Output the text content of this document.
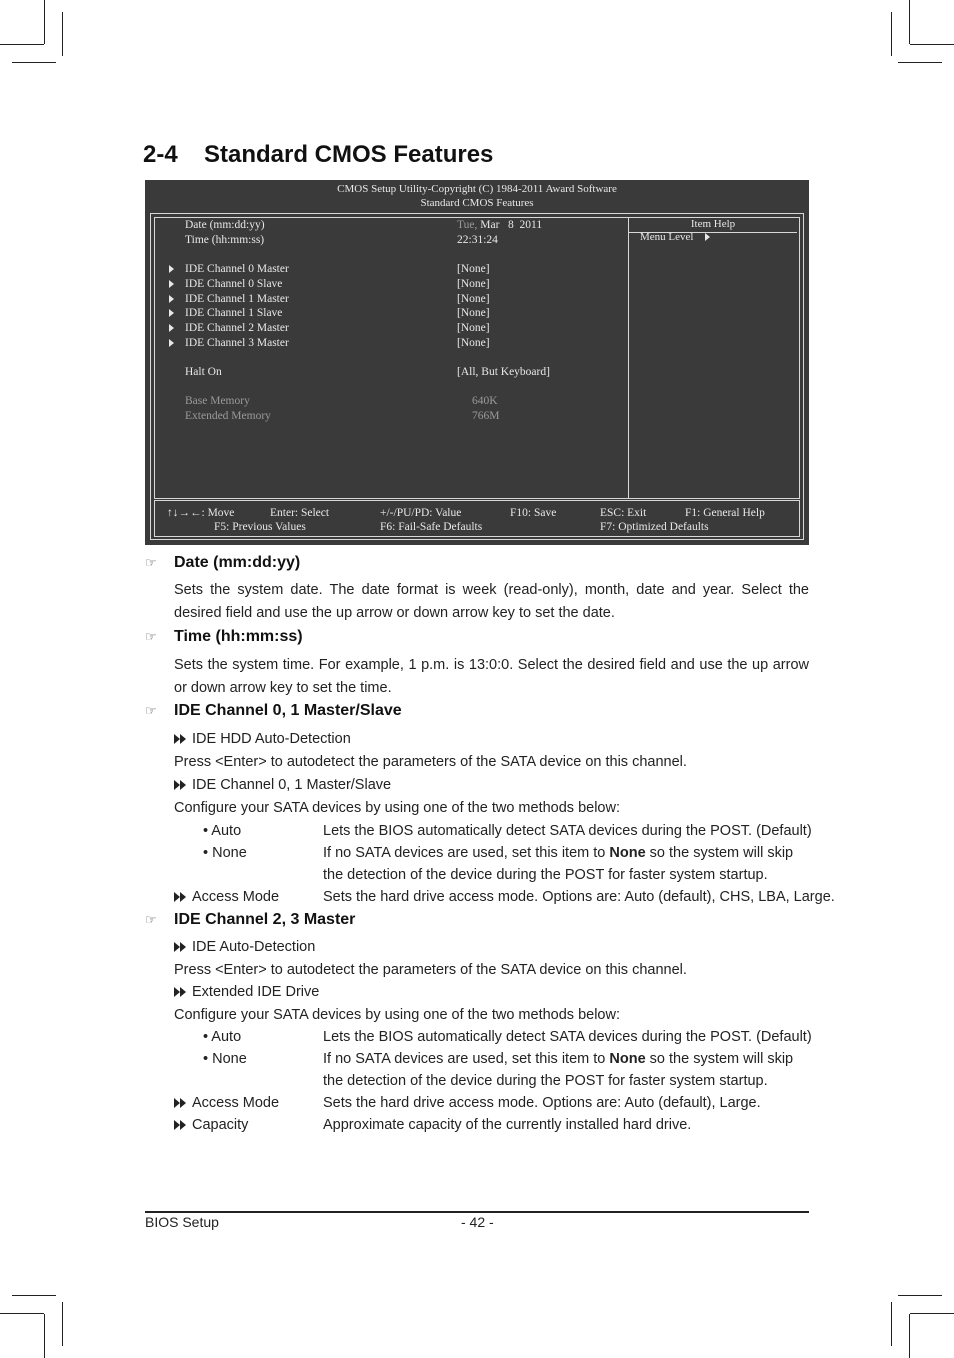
2-4 Standard CMOS Features
CMOS Setup Utility-Copyright (C) 1984-2011 Award Software
Standard CMOS Features
Item Help
Menu Level
Date (mm:dd:yy)	Tue, Mar   8  2011
Time (hh:mm:ss)	22:31:24
IDE Channel 0 Master	[None]
IDE Channel 0 Slave	[None]
IDE Channel 1 Master	[None]
IDE Channel 1 Slave	[None]
IDE Channel 2 Master	[None]
IDE Channel 3 Master	[None]
Halt On	[All, But Keyboard]
Base Memory	640K
Extended Memory	766M
↑↓→←: Move	Enter: Select	+/-/PU/PD: Value	F10: Save	ESC: Exit	F1: General Help
F5: Previous Values	F6: Fail-Safe Defaults	F7: Optimized Defaults
☞ Date (mm:dd:yy)
Sets the system date. The date format is week (read-only), month, date and year. Select the desired field and use the up arrow or down arrow key to set the date.
☞ Time (hh:mm:ss)
Sets the system time. For example, 1 p.m. is 13:0:0. Select the desired field and use the up arrow or down arrow key to set the time.
☞ IDE Channel 0, 1 Master/Slave
IDE HDD Auto-Detection
Press <Enter> to autodetect the parameters of the SATA device on this channel.
IDE Channel 0, 1 Master/Slave
Configure your SATA devices by using one of the two methods below:
• Auto	Lets the BIOS automatically detect SATA devices during the POST. (Default)
• None	If no SATA devices are used, set this item to None so the system will skip
the detection of the device during the POST for faster system startup.
Access Mode	Sets the hard drive access mode. Options are: Auto (default), CHS, LBA, Large.
☞ IDE Channel 2, 3 Master
IDE Auto-Detection
Press <Enter> to autodetect the parameters of the SATA device on this channel.
Extended IDE Drive
Configure your SATA devices by using one of the two methods below:
• Auto	Lets the BIOS automatically detect SATA devices during the POST. (Default)
• None	If no SATA devices are used, set this item to None so the system will skip
the detection of the device during the POST for faster system startup.
Access Mode	Sets the hard drive access mode. Options are: Auto (default), Large.
Capacity	Approximate capacity of the currently installed hard drive.
BIOS Setup	- 42 -
